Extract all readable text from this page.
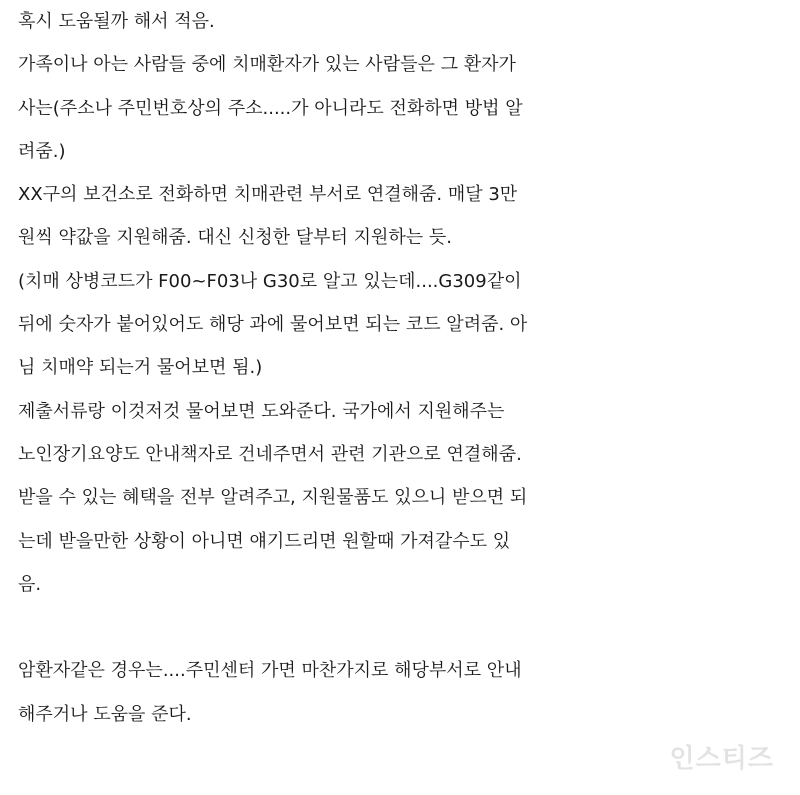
혹시 도움될까 해서 적음.
가족이나 아는 사람들 중에 치매환자가 있는 사람들은 그 환자가
사는(주소나 주민번호상의 주소.....가 아니라도 전화하면 방법 알
려줌.)
XX구의 보건소로 전화하면 치매관련 부서로 연결해줌. 매달 3만
원씩 약값을 지원해줌. 대신 신청한 달부터 지원하는 듯.
(치매 상병코드가 F00~F03나 G30로 알고 있는데....G309같이
뒤에 숫자가 붙어있어도 해당 과에 물어보면 되는 코드 알려줌. 아
님 치매약 되는거 물어보면 됨.)
제출서류랑 이것저것 물어보면 도와준다. 국가에서 지원해주는
노인장기요양도 안내책자로 건네주면서 관련 기관으로 연결해줌.
받을 수 있는 혜택을 전부 알려주고, 지원물품도 있으니 받으면 되
는데 받을만한 상황이 아니면 얘기드리면 원할때 가져갈수도 있
음.
암환자같은 경우는....주민센터 가면 마찬가지로 해당부서로 안내
해주거나 도움을 준다.
인스티즈
